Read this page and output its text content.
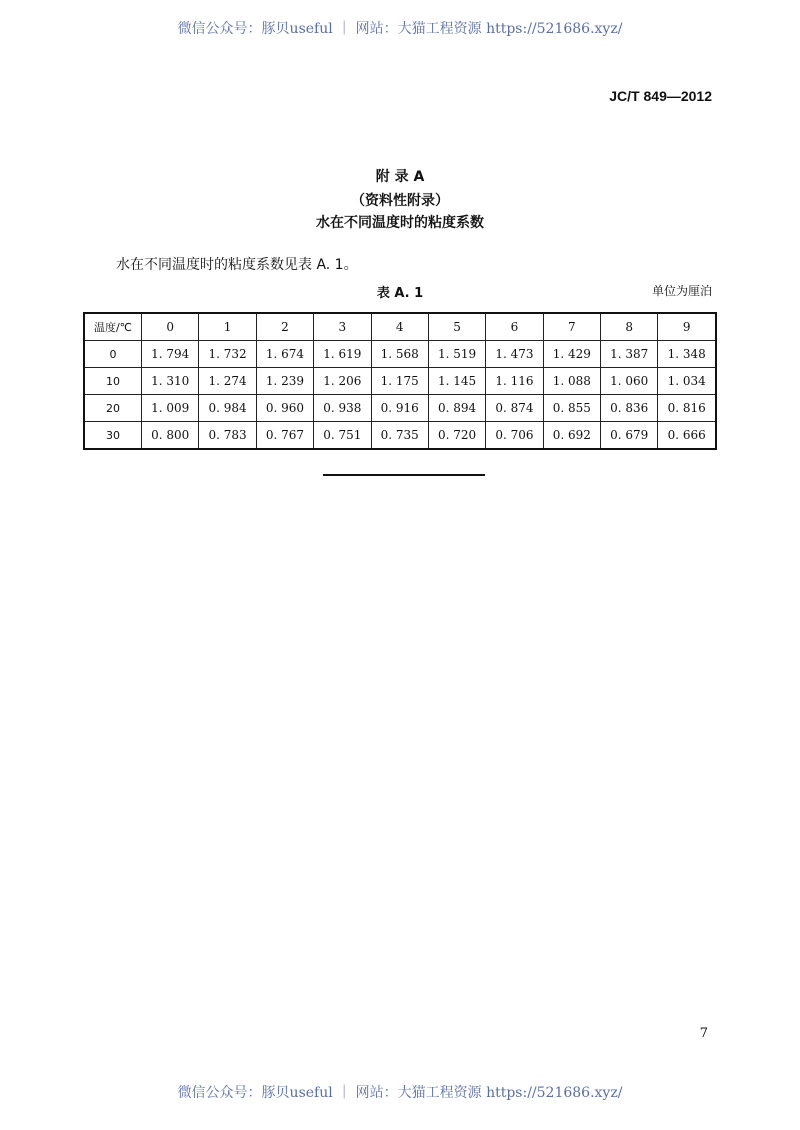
微信公众号：豚贝useful ｜ 网站：大猫工程资源 https://521686.xyz/
JC/T 849—2012
附 录 A
（资料性附录）
水在不同温度时的粘度系数
水在不同温度时的粘度系数见表 A. 1。
表 A. 1	单位为厘泊
温度/℃	0	1	2	3	4	5	6	7	8	9
0	1. 794	1. 732	1. 674	1. 619	1. 568	1. 519	1. 473	1. 429	1. 387	1. 348
10	1. 310	1. 274	1. 239	1. 206	1. 175	1. 145	1. 116	1. 088	1. 060	1. 034
20	1. 009	0. 984	0. 960	0. 938	0. 916	0. 894	0. 874	0. 855	0. 836	0. 816
30	0. 800	0. 783	0. 767	0. 751	0. 735	0. 720	0. 706	0. 692	0. 679	0. 666
7
微信公众号：豚贝useful ｜ 网站：大猫工程资源 https://521686.xyz/
